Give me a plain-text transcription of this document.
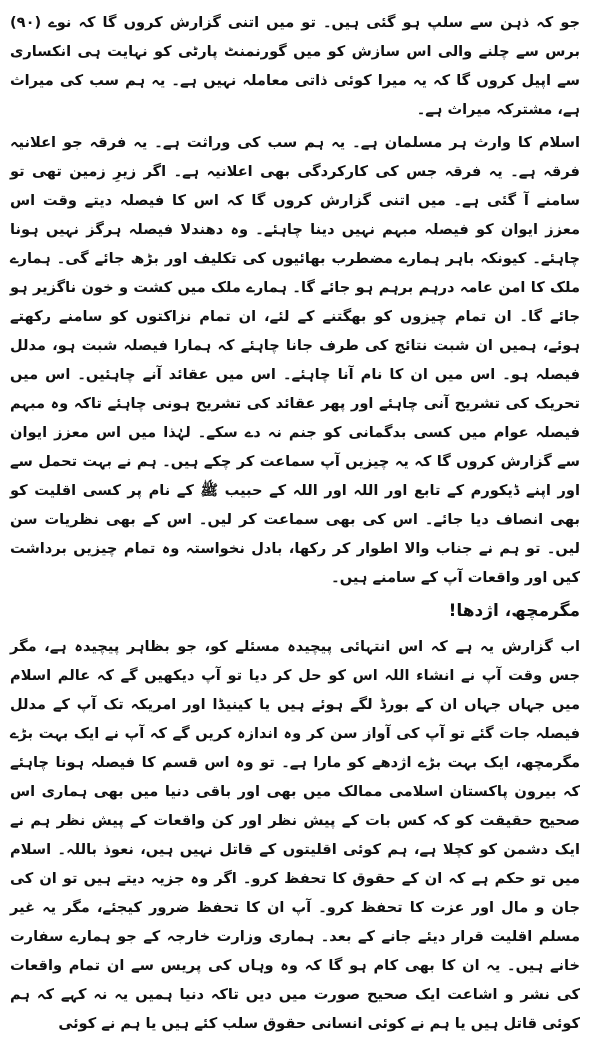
جو کہ ذہن سے سلپ ہو گئی ہیں۔ تو میں اتنی گزارش کروں گا کہ نوے (۹۰) برس سے چلنے والی اس سازش کو میں گورنمنٹ پارٹی کو نہایت ہی انکساری سے اپیل کروں گا کہ یہ میرا کوئی ذاتی معاملہ نہیں ہے۔ یہ ہم سب کی میراث ہے، مشترکہ میراث ہے۔

اسلام کا وارث ہر مسلمان ہے۔ یہ ہم سب کی وراثت ہے۔ یہ فرقہ جو اعلانیہ فرقہ ہے۔ یہ فرقہ جس کی کارکردگی بھی اعلانیہ ہے۔ اگر زیرِ زمین تھی تو سامنے آ گئی ہے۔ میں اتنی گزارش کروں گا کہ اس کا فیصلہ دیتے وقت اس معزز ایوان کو فیصلہ مبہم نہیں دینا چاہئے۔ وہ دھندلا فیصلہ ہرگز نہیں ہونا چاہئے۔ کیونکہ باہر ہمارے مضطرب بھائیوں کی تکلیف اور بڑھ جائے گی۔ ہمارے ملک کا امن عامہ درہم برہم ہو جائے گا۔ ہمارے ملک میں کشت و خون ناگزیر ہو جائے گا۔ ان تمام چیزوں کو بھگتنے کے لئے، ان تمام نزاکتوں کو سامنے رکھتے ہوئے، ہمیں ان شبت نتائج کی طرف جانا چاہئے کہ ہمارا فیصلہ شبت ہو، مدلل فیصلہ ہو۔ اس میں ان کا نام آنا چاہئے۔ اس میں عقائد آنے چاہئیں۔ اس میں تحریک کی تشریح آنی چاہئے اور پھر عقائد کی تشریح ہونی چاہئے تاکہ وہ مبہم فیصلہ عوام میں کسی بدگمانی کو جنم نہ دے سکے۔ لہٰذا میں اس معزز ایوان سے گزارش کروں گا کہ یہ چیزیں آپ سماعت کر چکے ہیں۔ ہم نے بہت تحمل سے اور اپنے ڈیکورم کے تابع اور اللہ اور اللہ کے حبیب ﷺ کے نام پر کسی اقلیت کو بھی انصاف دیا جائے۔ اس کی بھی سماعت کر لیں۔ اس کے بھی نظریات سن لیں۔ تو ہم نے جناب والا اطوار کر رکھا، بادل نخواستہ وہ تمام چیزیں برداشت کیں اور واقعات آپ کے سامنے ہیں۔

مگرمچھ، اژدھا!

اب گزارش یہ ہے کہ اس انتہائی پیچیدہ مسئلے کو، جو بظاہر پیچیدہ ہے، مگر جس وقت آپ نے انشاء اللہ اس کو حل کر دیا تو آپ دیکھیں گے کہ عالم اسلام میں جہاں جہاں ان کے بورڈ لگے ہوئے ہیں یا کینیڈا اور امریکہ تک آپ کے مدلل فیصلہ جات گئے تو آپ کی آواز سن کر وہ اندازہ کریں گے کہ آپ نے ایک بہت بڑے مگرمچھ، ایک بہت بڑے اژدھے کو مارا ہے۔ تو وہ اس قسم کا فیصلہ ہونا چاہئے کہ بیرون پاکستان اسلامی ممالک میں بھی اور باقی دنیا میں بھی ہماری اس صحیح حقیقت کو کہ کس بات کے پیش نظر اور کن واقعات کے پیش نظر ہم نے ایک دشمن کو کچلا ہے، ہم کوئی اقلیتوں کے قاتل نہیں ہیں، نعوذ باللہ۔ اسلام میں تو حکم ہے کہ ان کے حقوق کا تحفظ کرو۔ اگر وہ جزیہ دیتے ہیں تو ان کی جان و مال اور عزت کا تحفظ کرو۔ آپ ان کا تحفظ ضرور کیجئے، مگر یہ غیر مسلم اقلیت قرار دیئے جانے کے بعد۔ ہماری وزارت خارجہ کے جو ہمارے سفارت خانے ہیں۔ یہ ان کا بھی کام ہو گا کہ وہ وہاں کی پریس سے ان تمام واقعات کی نشر و اشاعت ایک صحیح صورت میں دیں تاکہ دنیا ہمیں یہ نہ کہے کہ ہم کوئی قاتل ہیں یا ہم نے کوئی انسانی حقوق سلب کئے ہیں یا ہم نے کوئی
